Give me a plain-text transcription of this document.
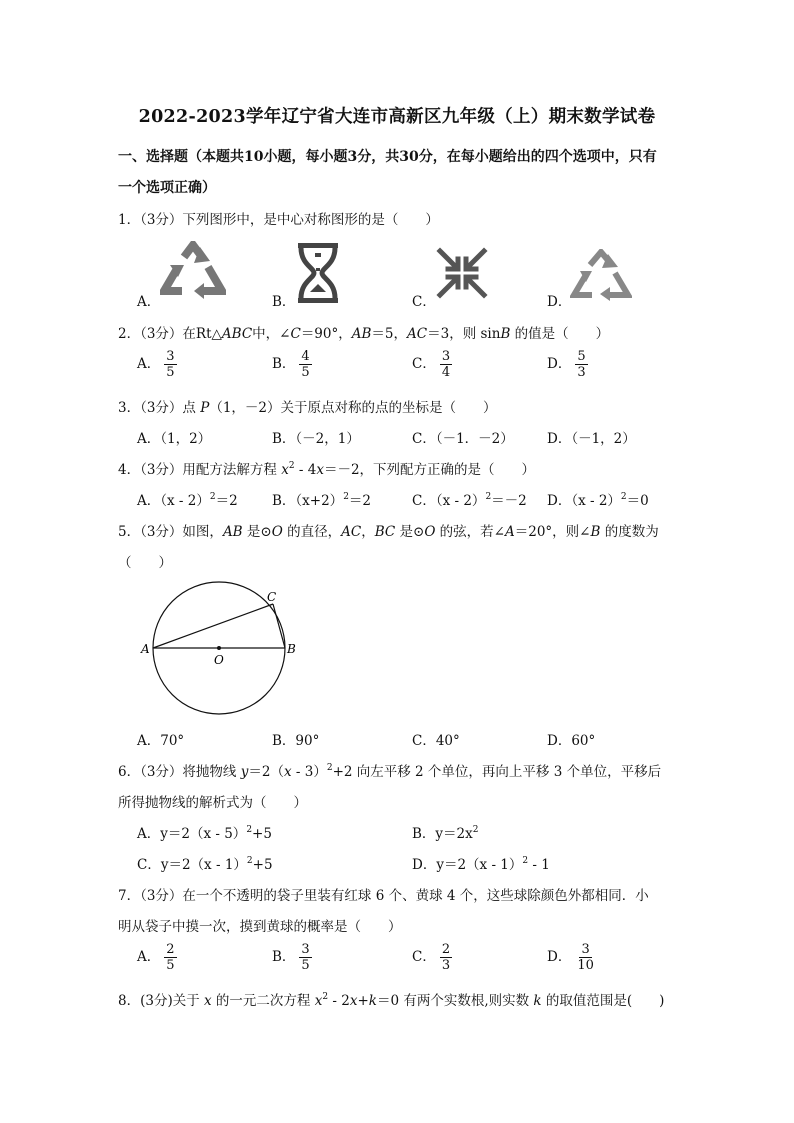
2022-2023学年辽宁省大连市高新区九年级（上）期末数学试卷
一、选择题（本题共10小题，每小题3分，共30分，在每小题给出的四个选项中，只有
一个选项正确）
1．（3分）下列图形中，是中心对称图形的是（　　）
A．	B．	C．	D．
2．（3分）在Rt△ABC中，∠C＝90°，AB＝5，AC＝3，则 sinB 的值是（　　）
A． $\frac{3}{5}$	B． $\frac{4}{5}$	C． $\frac{3}{4}$	D． $\frac{5}{3}$
3．（3分）点 P（1，－2）关于原点对称的点的坐标是（　　）
A．（1，2）	B．（－2，1）	C．（－1．－2） D．（－1，2）
4．（3分）用配方法解方程 $x^2 - 4x=-2$，下列配方正确的是（　　）
A．（x - 2）$^2$＝2	B．$(x+2)^2=2$	C．（x - 2）$^2$＝－2 D．（x - 2）$^2$＝0
5．（3分）如图，AB 是⊙O 的直径，AC，BC 是⊙O 的弦，若∠A＝20°，则∠B 的度数为
（　　）
A	B
C
O
A．70°	B．90°	C．40°	D．60°
6．（3分）将抛物线 y＝2（x - 3）$^2$+2 向左平移 2 个单位，再向上平移 3 个单位，平移后
所得抛物线的解析式为（　　）
A．y＝2（x - 5）$^2$+5	B．$y=2x^2$
C．y＝2（x - 1）$^2$+5	D．y＝2（x - 1）$^2$ - 1
7．（3分）在一个不透明的袋子里装有红球 6 个、黄球 4 个，这些球除颜色外都相同．小
明从袋子中摸一次，摸到黄球的概率是（　　）
A． $\frac{2}{5}$	B． $\frac{3}{5}$	C． $\frac{2}{3}$	D． $\frac{3}{10}$
8．(3分)关于 x 的一元二次方程 $x^2 - 2x+k=0$ 有两个实数根,则实数 k 的取值范围是(　　)
